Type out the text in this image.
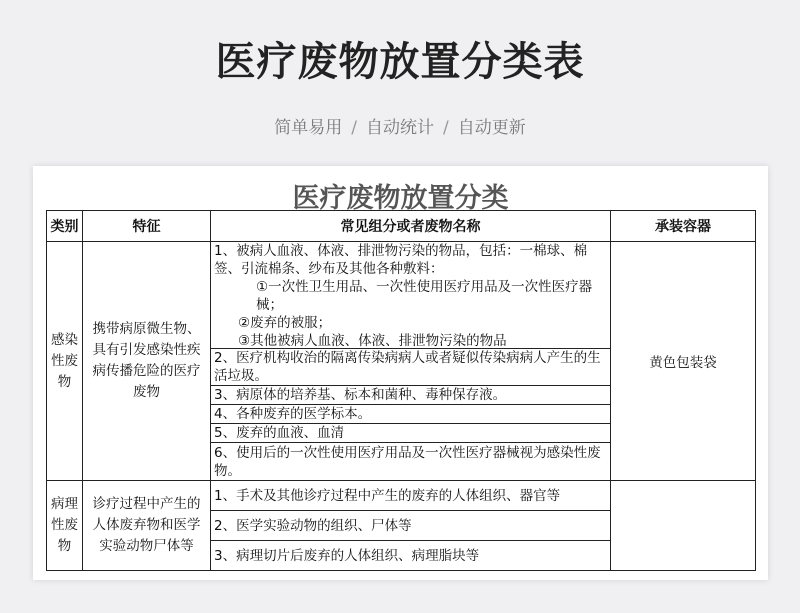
医疗废物放置分类表
简单易用 / 自动统计 / 自动更新
医疗废物放置分类
类别	特征	常见组分或者废物名称	承装容器
感染性废物	携带病原微生物、具有引发感染性疾病传播危险的医疗废物	1、被病人血液、体液、排泄物污染的物品，包括：一棉球、棉签、引流棉条、纱布及其他各种敷料：
①一次性卫生用品、一次性使用医疗用品及一次性医疗器械；
②废弃的被服；
③其他被病人血液、体液、排泄物污染的物品	黄色包装袋
		2、医疗机构收治的隔离传染病病人或者疑似传染病病人产生的生活垃圾。	
		3、病原体的培养基、标本和菌种、毒种保存液。	
		4、各种废弃的医学标本。	
		5、废弃的血液、血清	
		6、使用后的一次性使用医疗用品及一次性医疗器械视为感染性废物。	
病理性废物	诊疗过程中产生的人体废弃物和医学实验动物尸体等	1、手术及其他诊疗过程中产生的废弃的人体组织、器官等	
		2、医学实验动物的组织、尸体等	
		3、病理切片后废弃的人体组织、病理脂块等	
